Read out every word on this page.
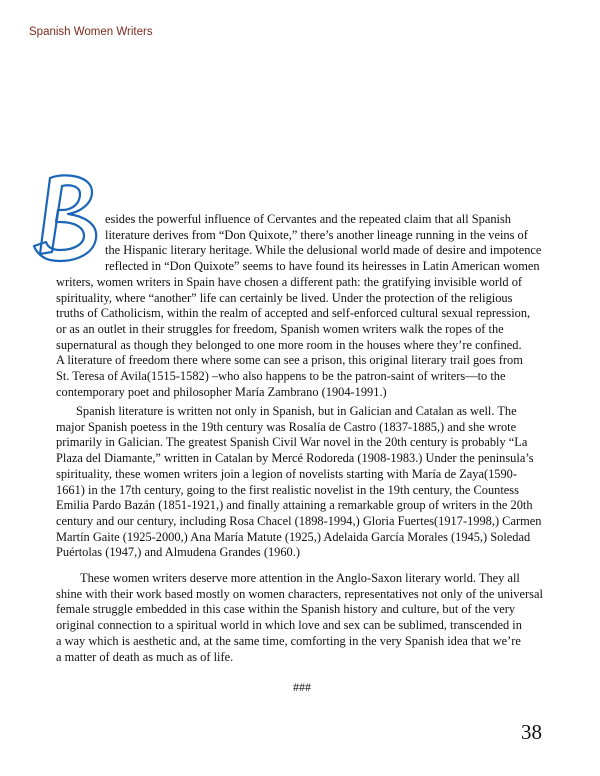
Spanish Women Writers
esides the powerful influence of Cervantes and the repeated claim that all Spanish
literature derives from “Don Quixote,” there’s another lineage running in the veins of
the Hispanic literary heritage. While the delusional world made of desire and impotence
reflected in “Don Quixote” seems to have found its heiresses in Latin American women
writers, women writers in Spain have chosen a different path: the gratifying invisible world of
spirituality, where “another” life can certainly be lived. Under the protection of the religious
truths of Catholicism, within the realm of accepted and self-enforced cultural sexual repression,
or as an outlet in their struggles for freedom, Spanish women writers walk the ropes of the
supernatural as though they belonged to one more room in the houses where they’re confined.
A literature of freedom there where some can see a prison, this original literary trail goes from
St. Teresa of Avila(1515-1582) –who also happens to be the patron-saint of writers—to the
contemporary poet and philosopher María Zambrano (1904-1991.)
Spanish literature is written not only in Spanish, but in Galician and Catalan as well. The
major Spanish poetess in the 19th century was Rosalía de Castro (1837-1885,) and she wrote
primarily in Galician. The greatest Spanish Civil War novel in the 20th century is probably “La
Plaza del Diamante,” written in Catalan by Mercé Rodoreda (1908-1983.) Under the peninsula’s
spirituality, these women writers join a legion of novelists starting with María de Zaya(1590-
1661) in the 17th century, going to the first realistic novelist in the 19th century, the Countess
Emilia Pardo Bazán (1851-1921,) and finally attaining a remarkable group of writers in the 20th
century and our century, including Rosa Chacel (1898-1994,) Gloria Fuertes(1917-1998,) Carmen
Martín Gaite (1925-2000,) Ana María Matute (1925,) Adelaida García Morales (1945,) Soledad
Puértolas (1947,) and Almudena Grandes (1960.)
These women writers deserve more attention in the Anglo-Saxon literary world. They all
shine with their work based mostly on women characters, representatives not only of the universal
female struggle embedded in this case within the Spanish history and culture, but of the very
original connection to a spiritual world in which love and sex can be sublimed, transcended in
a way which is aesthetic and, at the same time, comforting in the very Spanish idea that we’re
a matter of death as much as of life.
###
38
